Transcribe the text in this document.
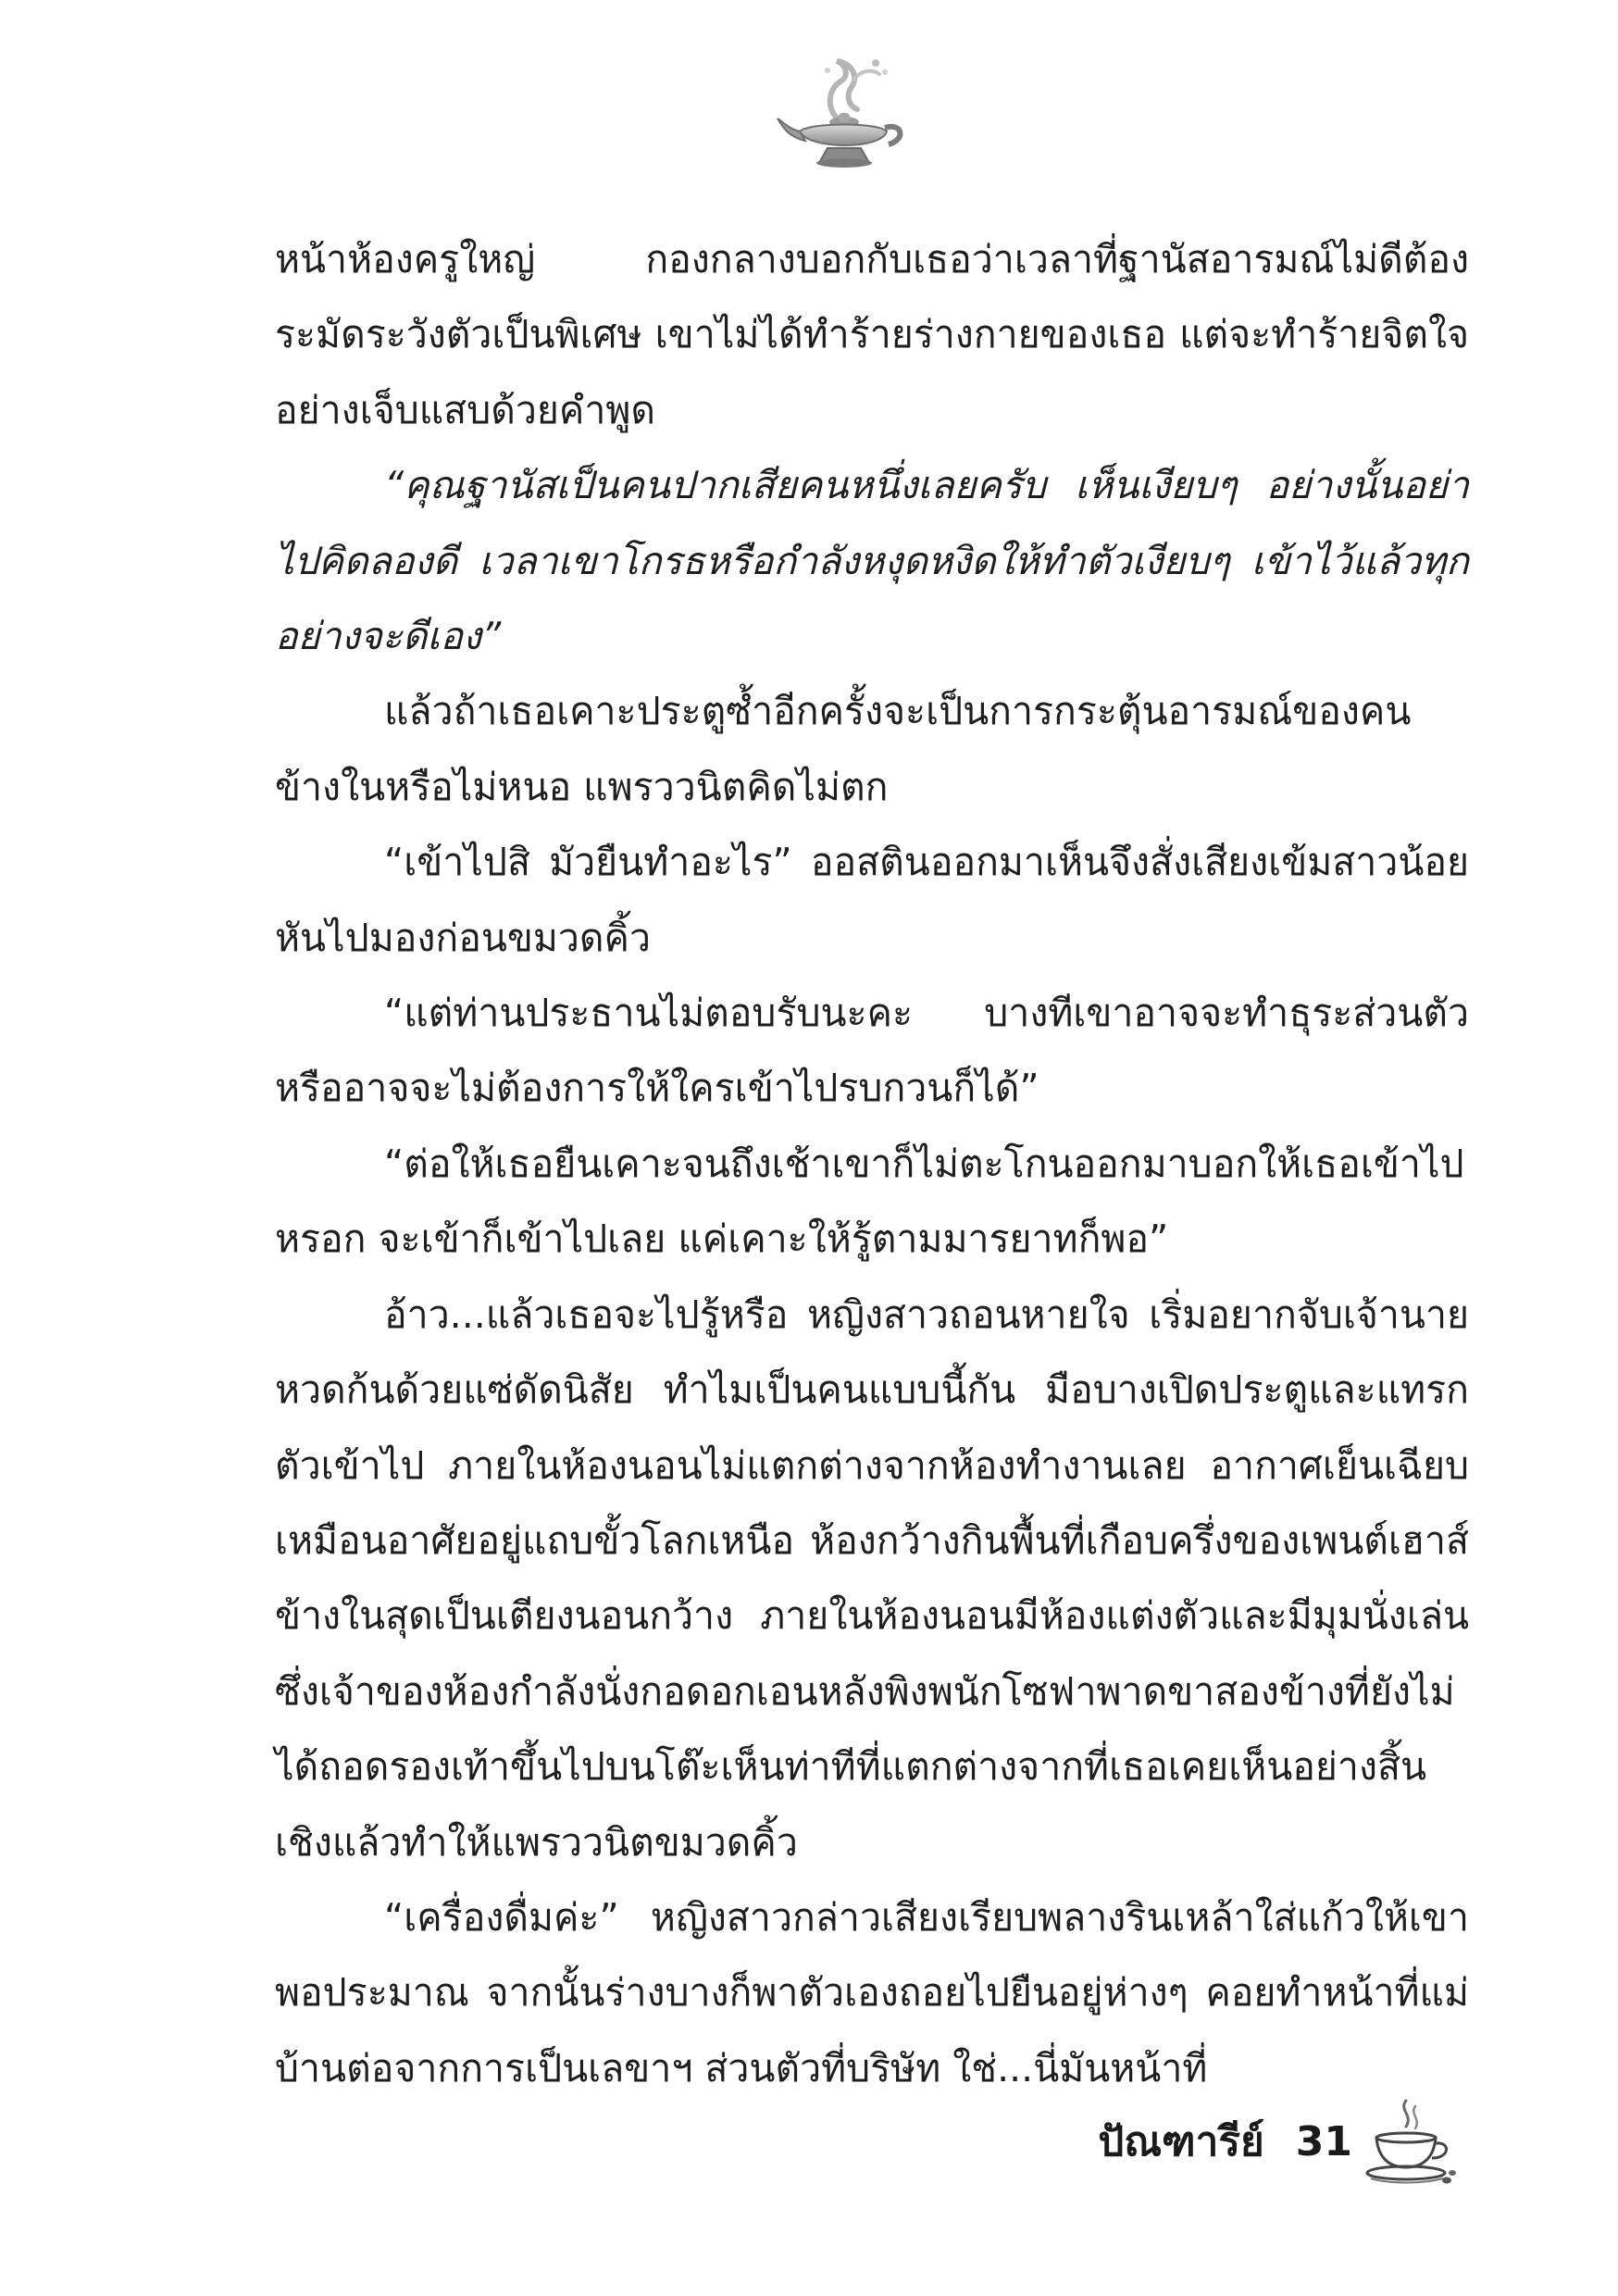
หน้าห้องครูใหญ่ กองกลางบอกกับเธอว่าเวลาที่ฐานัสอารมณ์ไม่ดีต้องระมัดระวังตัวเป็นพิเศษ เขาไม่ได้ทำร้ายร่างกายของเธอ แต่จะทำร้ายจิตใจอย่างเจ็บแสบด้วยคำพูด

“คุณฐานัสเป็นคนปากเสียคนหนึ่งเลยครับ เห็นเงียบๆ อย่างนั้นอย่าไปคิดลองดี เวลาเขาโกรธหรือกำลังหงุดหงิดให้ทำตัวเงียบๆ เข้าไว้แล้วทุกอย่างจะดีเอง”

แล้วถ้าเธอเคาะประตูซ้ำอีกครั้งจะเป็นการกระตุ้นอารมณ์ของคนข้างในหรือไม่หนอ แพรววนิตคิดไม่ตก

“เข้าไปสิ มัวยืนทำอะไร” ออสตินออกมาเห็นจึงสั่งเสียงเข้มสาวน้อยหันไปมองก่อนขมวดคิ้ว

“แต่ท่านประธานไม่ตอบรับนะคะ บางทีเขาอาจจะทำธุระส่วนตัวหรืออาจจะไม่ต้องการให้ใครเข้าไปรบกวนก็ได้”

“ต่อให้เธอยืนเคาะจนถึงเช้าเขาก็ไม่ตะโกนออกมาบอกให้เธอเข้าไปหรอก จะเข้าก็เข้าไปเลย แค่เคาะให้รู้ตามมารยาทก็พอ”

อ้าว...แล้วเธอจะไปรู้หรือ หญิงสาวถอนหายใจ เริ่มอยากจับเจ้านายหวดก้นด้วยแซ่ดัดนิสัย ทำไมเป็นคนแบบนี้กัน มือบางเปิดประตูและแทรกตัวเข้าไป ภายในห้องนอนไม่แตกต่างจากห้องทำงานเลย อากาศเย็นเฉียบเหมือนอาศัยอยู่แถบขั้วโลกเหนือ ห้องกว้างกินพื้นที่เกือบครึ่งของเพนต์เฮาส์ ข้างในสุดเป็นเตียงนอนกว้าง ภายในห้องนอนมีห้องแต่งตัวและมีมุมนั่งเล่นซึ่งเจ้าของห้องกำลังนั่งกอดอกเอนหลังพิงพนักโซฟาพาดขาสองข้างที่ยังไม่ได้ถอดรองเท้าขึ้นไปบนโต๊ะเห็นท่าทีที่แตกต่างจากที่เธอเคยเห็นอย่างสิ้นเชิงแล้วทำให้แพรววนิตขมวดคิ้ว

“เครื่องดื่มค่ะ” หญิงสาวกล่าวเสียงเรียบพลางรินเหล้าใส่แก้วให้เขาพอประมาณ จากนั้นร่างบางก็พาตัวเองถอยไปยืนอยู่ห่างๆ คอยทำหน้าที่แม่บ้านต่อจากการเป็นเลขาฯ ส่วนตัวที่บริษัท ใช่...นี่มันหน้าที่

ปัณฑารีย์ 31
